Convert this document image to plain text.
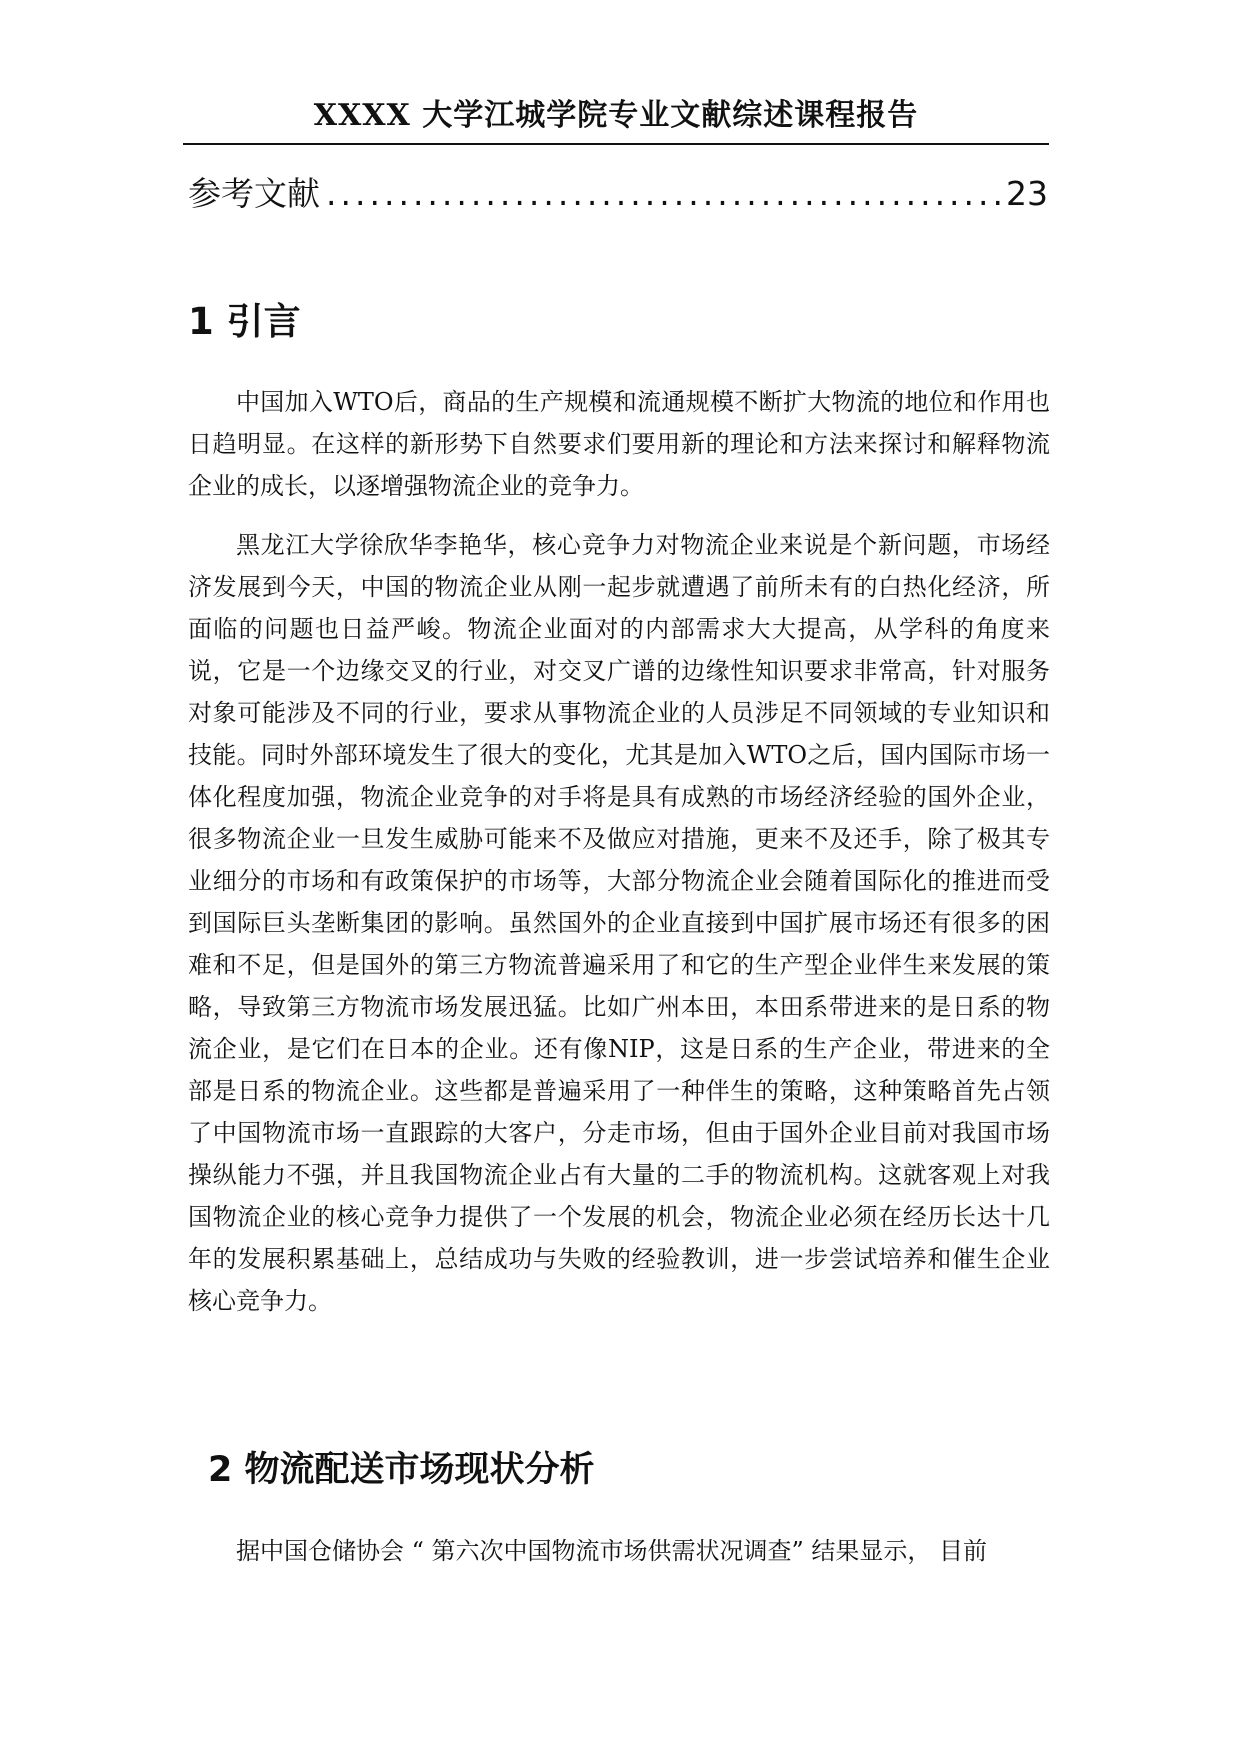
XXXX 大学江城学院专业文献综述课程报告
参考文献
.....	23
1 引言

中国加入WTO后，商品的生产规模和流通规模不断扩大物流的地位和作用也日趋明显。在这样的新形势下自然要求们要用新的理论和方法来探讨和解释物流企业的成长，以逐增强物流企业的竞争力。

黑龙江大学徐欣华李艳华，核心竞争力对物流企业来说是个新问题，市场经济发展到今天，中国的物流企业从刚一起步就遭遇了前所未有的白热化经济，所面临的问题也日益严峻。物流企业面对的内部需求大大提高，从学科的角度来说，它是一个边缘交叉的行业，对交叉广谱的边缘性知识要求非常高，针对服务对象可能涉及不同的行业，要求从事物流企业的人员涉足不同领域的专业知识和技能。同时外部环境发生了很大的变化，尤其是加入WTO之后，国内国际市场一体化程度加强，物流企业竞争的对手将是具有成熟的市场经济经验的国外企业，很多物流企业一旦发生威胁可能来不及做应对措施，更来不及还手，除了极其专业细分的市场和有政策保护的市场等，大部分物流企业会随着国际化的推进而受到国际巨头垄断集团的影响。虽然国外的企业直接到中国扩展市场还有很多的困难和不足，但是国外的第三方物流普遍采用了和它的生产型企业伴生来发展的策略，导致第三方物流市场发展迅猛。比如广州本田，本田系带进来的是日系的物流企业，是它们在日本的企业。还有像NIP，这是日系的生产企业，带进来的全部是日系的物流企业。这些都是普遍采用了一种伴生的策略，这种策略首先占领了中国物流市场一直跟踪的大客户，分走市场，但由于国外企业目前对我国市场操纵能力不强，并且我国物流企业占有大量的二手的物流机构。这就客观上对我国物流企业的核心竞争力提供了一个发展的机会，物流企业必须在经历长达十几年的发展积累基础上，总结成功与失败的经验教训，进一步尝试培养和催生企业核心竞争力。

2 物流配送市场现状分析

据中国仓储协会 “ 第六次中国物流市场供需状况调查” 结果显示， 目前
